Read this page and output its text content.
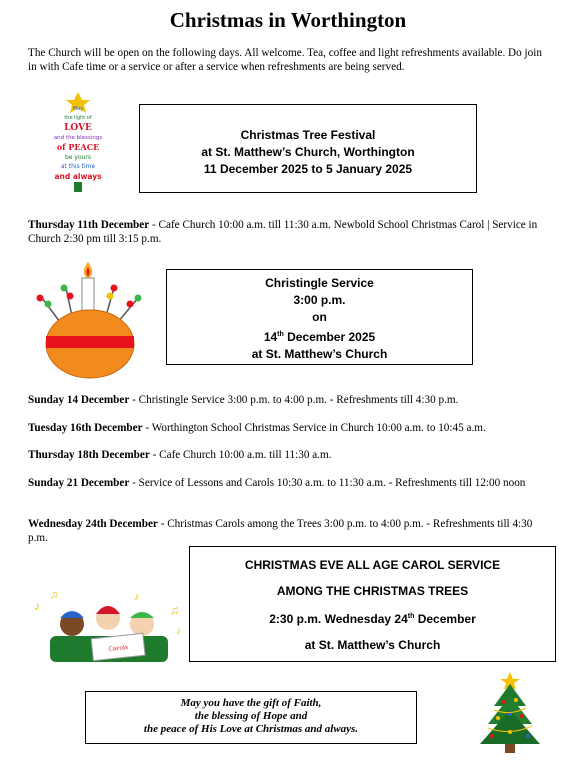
Christmas in Worthington
The Church will be open on the following days. All welcome. Tea, coffee and light refreshments available. Do join in with Cafe time or a service or after a service when refreshments are being served.
May
the light of
LOVE
and the blessings
of PEACE
be yours
at this time
and always
Christmas Tree Festival
at St. Matthew’s Church, Worthington
11 December 2025 to 5 January 2025
Thursday 11th December - Cafe Church 10:00 a.m. till 11:30 a.m. Newbold School Christmas Carol | Service in Church 2:30 pm till 3:15 p.m.
Christingle Service
3:00 p.m.
on
14th December 2025
at St. Matthew’s Church
Sunday 14 December - Christingle Service 3:00 p.m. to 4:00 p.m. - Refreshments till 4:30 p.m.
Tuesday 16th December - Worthington School Christmas Service in Church 10:00 a.m. to 10:45 a.m.
Thursday 18th December - Cafe Church 10:00 a.m. till 11:30 a.m.
Sunday 21 December - Service of Lessons and Carols 10:30 a.m. to 11:30 a.m. - Refreshments till 12:00 noon
Wednesday 24th December - Christmas Carols among the Trees 3:00 p.m. to 4:00 p.m. - Refreshments till 4:30 p.m.
♪
♫	♪
♫
♪
Carols
CHRISTMAS EVE ALL AGE CAROL SERVICE
AMONG THE CHRISTMAS TREES
2:30 p.m. Wednesday 24th December
at St. Matthew’s Church
May you have the gift of Faith,
the blessing of Hope and
the peace of His Love at Christmas and always.
